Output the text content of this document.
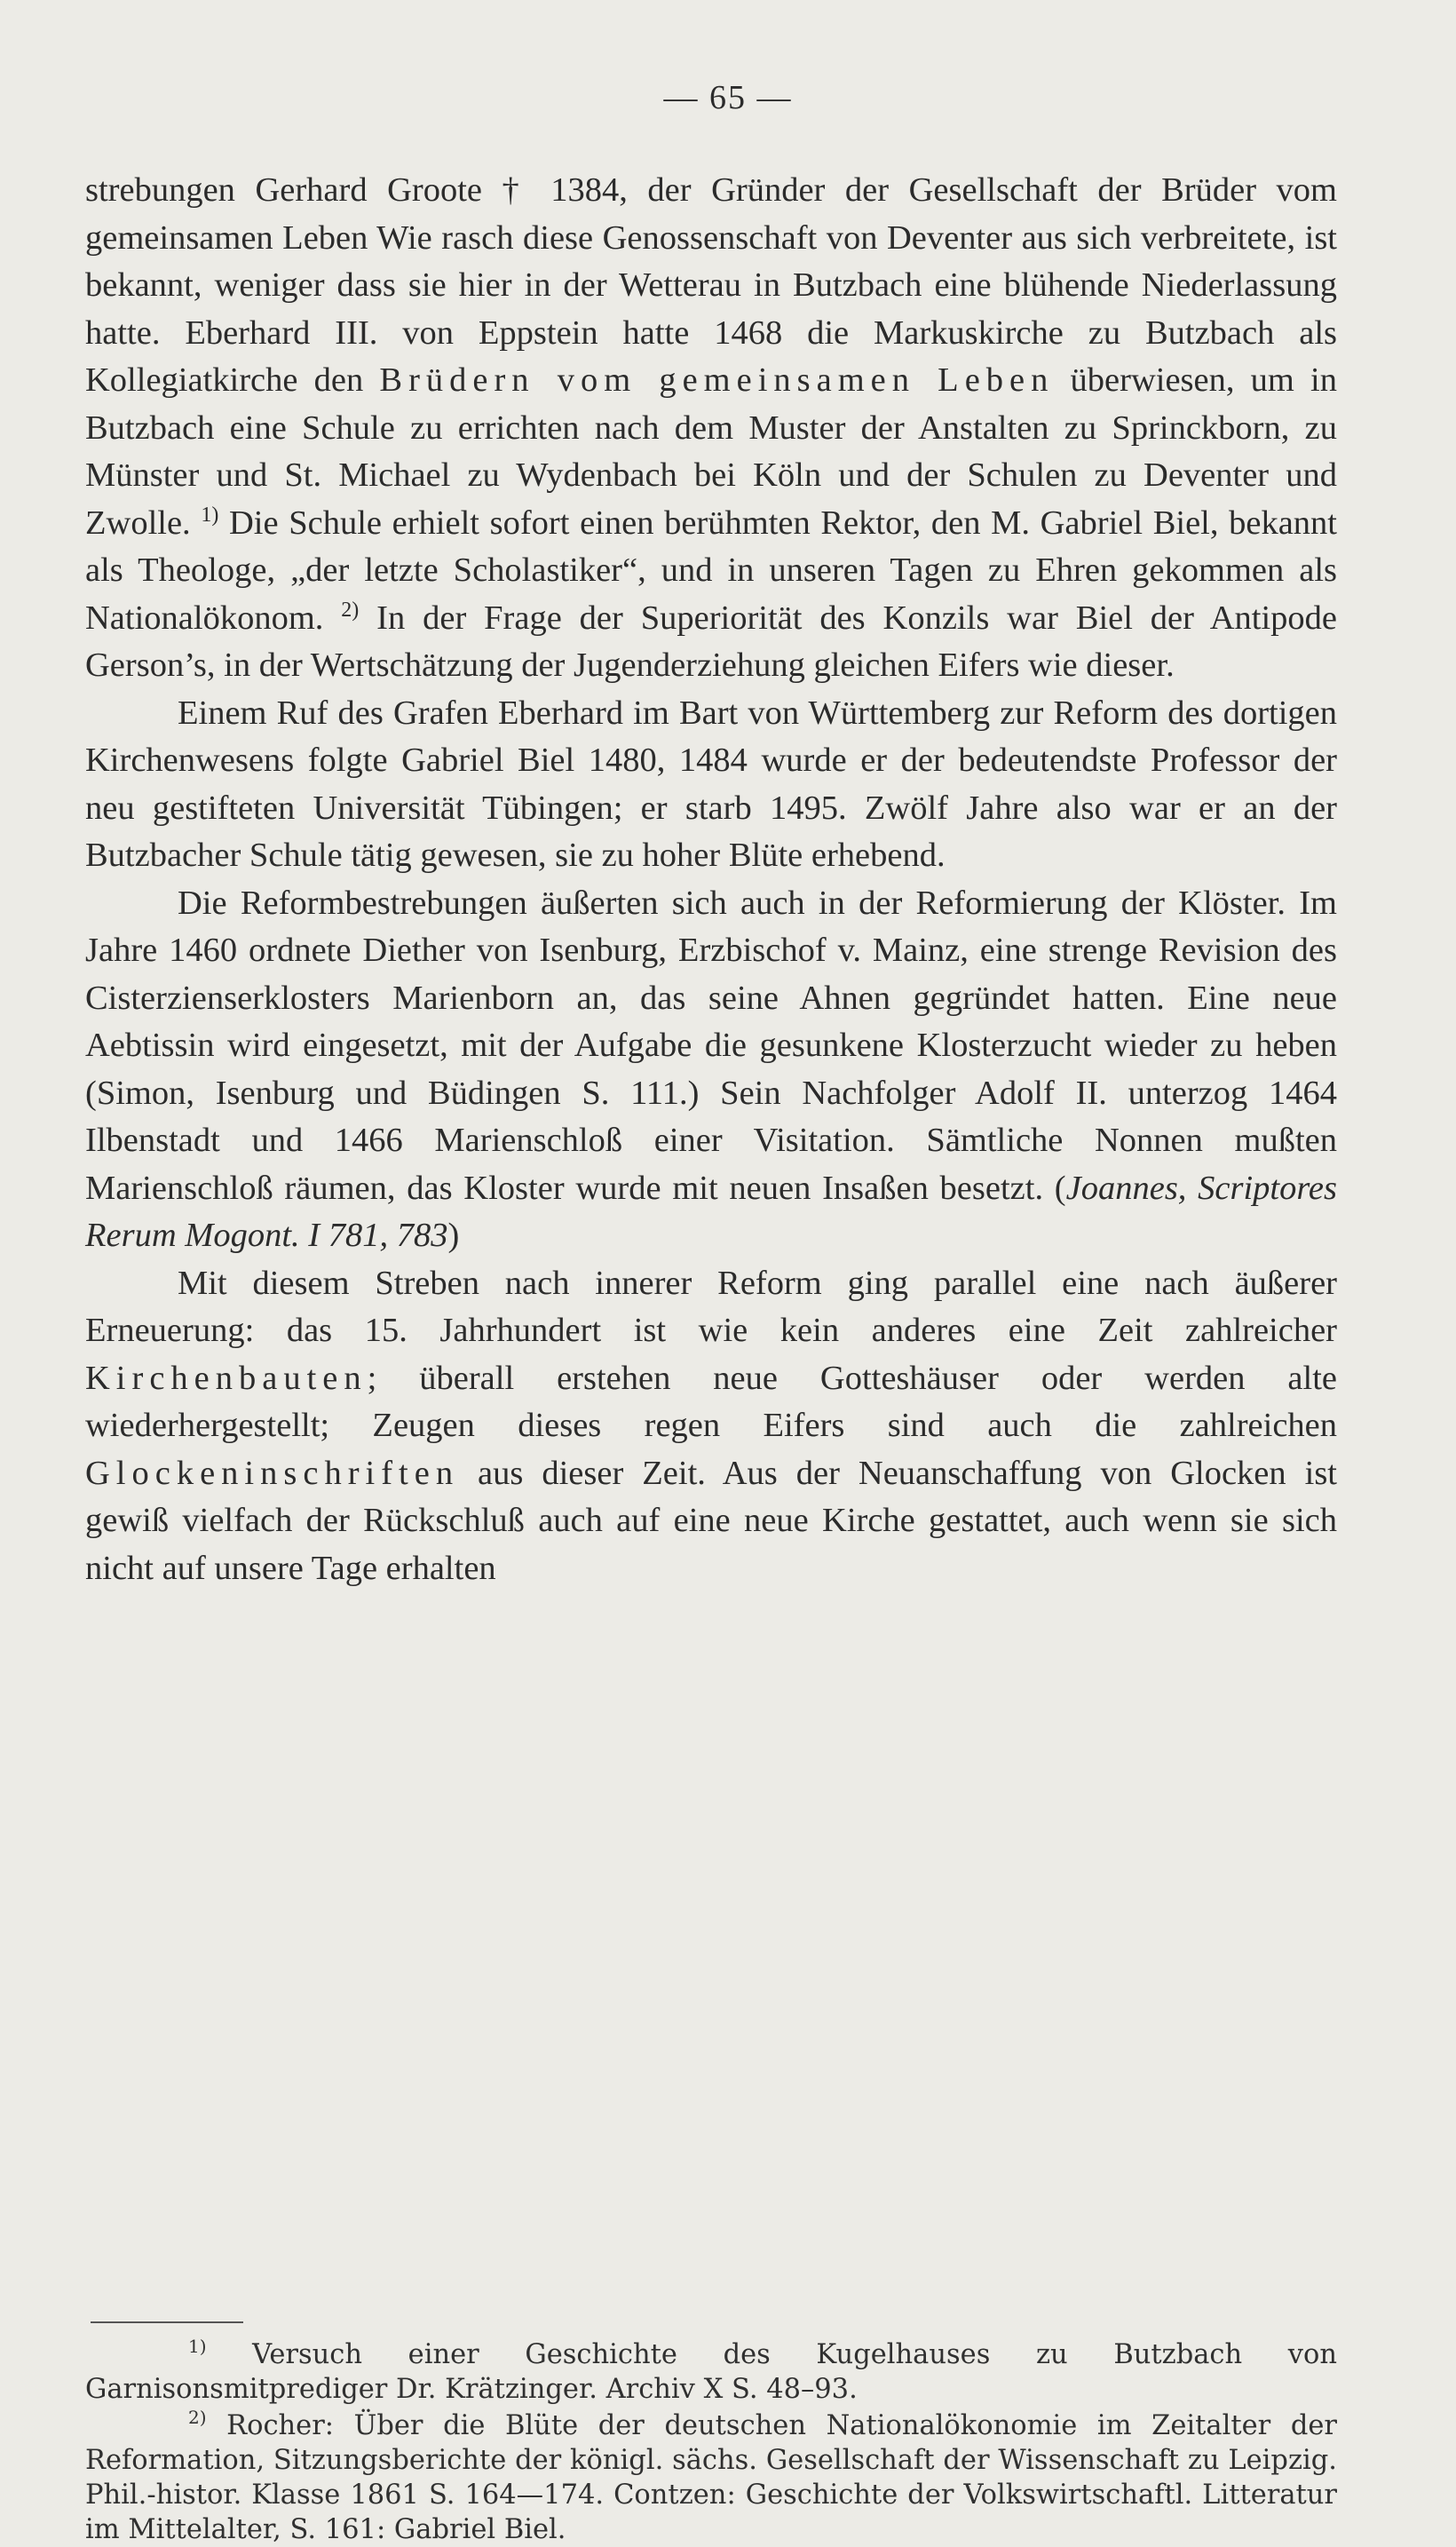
— 65 —

strebungen Gerhard Groote † 1384, der Gründer der Gesellschaft der Brüder vom gemeinsamen Leben Wie rasch diese Genossenschaft von Deventer aus sich verbreitete, ist bekannt, weniger dass sie hier in der Wetterau in Butzbach eine blühende Niederlassung hatte. Eberhard III. von Eppstein hatte 1468 die Markuskirche zu Butzbach als Kollegiatkirche den Brüdern vom gemeinsamen Leben überwiesen, um in Butzbach eine Schule zu errichten nach dem Muster der Anstalten zu Sprinckborn, zu Münster und St. Michael zu Wydenbach bei Köln und der Schulen zu Deventer und Zwolle. $^{1)}$ Die Schule erhielt sofort einen berühmten Rektor, den M. Gabriel Biel, bekannt als Theologe, „der letzte Scholastiker“, und in unseren Tagen zu Ehren gekommen als Nationalökonom. $^{2)}$ In der Frage der Superiorität des Konzils war Biel der Antipode Gerson’s, in der Wertschätzung der Jugenderziehung gleichen Eifers wie dieser.

Einem Ruf des Grafen Eberhard im Bart von Württemberg zur Reform des dortigen Kirchenwesens folgte Gabriel Biel 1480, 1484 wurde er der bedeutendste Professor der neu gestifteten Universität Tübingen; er starb 1495. Zwölf Jahre also war er an der Butzbacher Schule tätig gewesen, sie zu hoher Blüte erhebend.

Die Reformbestrebungen äußerten sich auch in der Reformierung der Klöster. Im Jahre 1460 ordnete Diether von Isenburg, Erzbischof v. Mainz, eine strenge Revision des Cisterzienserklosters Marienborn an, das seine Ahnen gegründet hatten. Eine neue Aebtissin wird eingesetzt, mit der Aufgabe die gesunkene Klosterzucht wieder zu heben (Simon, Isenburg und Büdingen S. 111.) Sein Nachfolger Adolf II. unterzog 1464 Ilbenstadt und 1466 Marienschloß einer Visitation. Sämtliche Nonnen mußten Marienschloß räumen, das Kloster wurde mit neuen Insaßen besetzt. (Joannes, Scriptores Rerum Mogont. I 781, 783)

Mit diesem Streben nach innerer Reform ging parallel eine nach äußerer Erneuerung: das 15. Jahrhundert ist wie kein anderes eine Zeit zahlreicher Kirchenbauten; überall erstehen neue Gotteshäuser oder werden alte wiederhergestellt; Zeugen dieses regen Eifers sind auch die zahlreichen Glockeninschriften aus dieser Zeit. Aus der Neuanschaffung von Glocken ist gewiß vielfach der Rückschluß auch auf eine neue Kirche gestattet, auch wenn sie sich nicht auf unsere Tage erhalten

$^{1)}$ Versuch einer Geschichte des Kugelhauses zu Butzbach von Garnisonsmitprediger Dr. Krätzinger. Archiv X S. 48–93.

$^{2)}$ Rocher: Über die Blüte der deutschen Nationalökonomie im Zeitalter der Reformation, Sitzungsberichte der königl. sächs. Gesellschaft der Wissenschaft zu Leipzig. Phil.-histor. Klasse 1861 S. 164—174. Contzen: Geschichte der Volkswirtschaftl. Litteratur im Mittelalter, S. 161: Gabriel Biel.
